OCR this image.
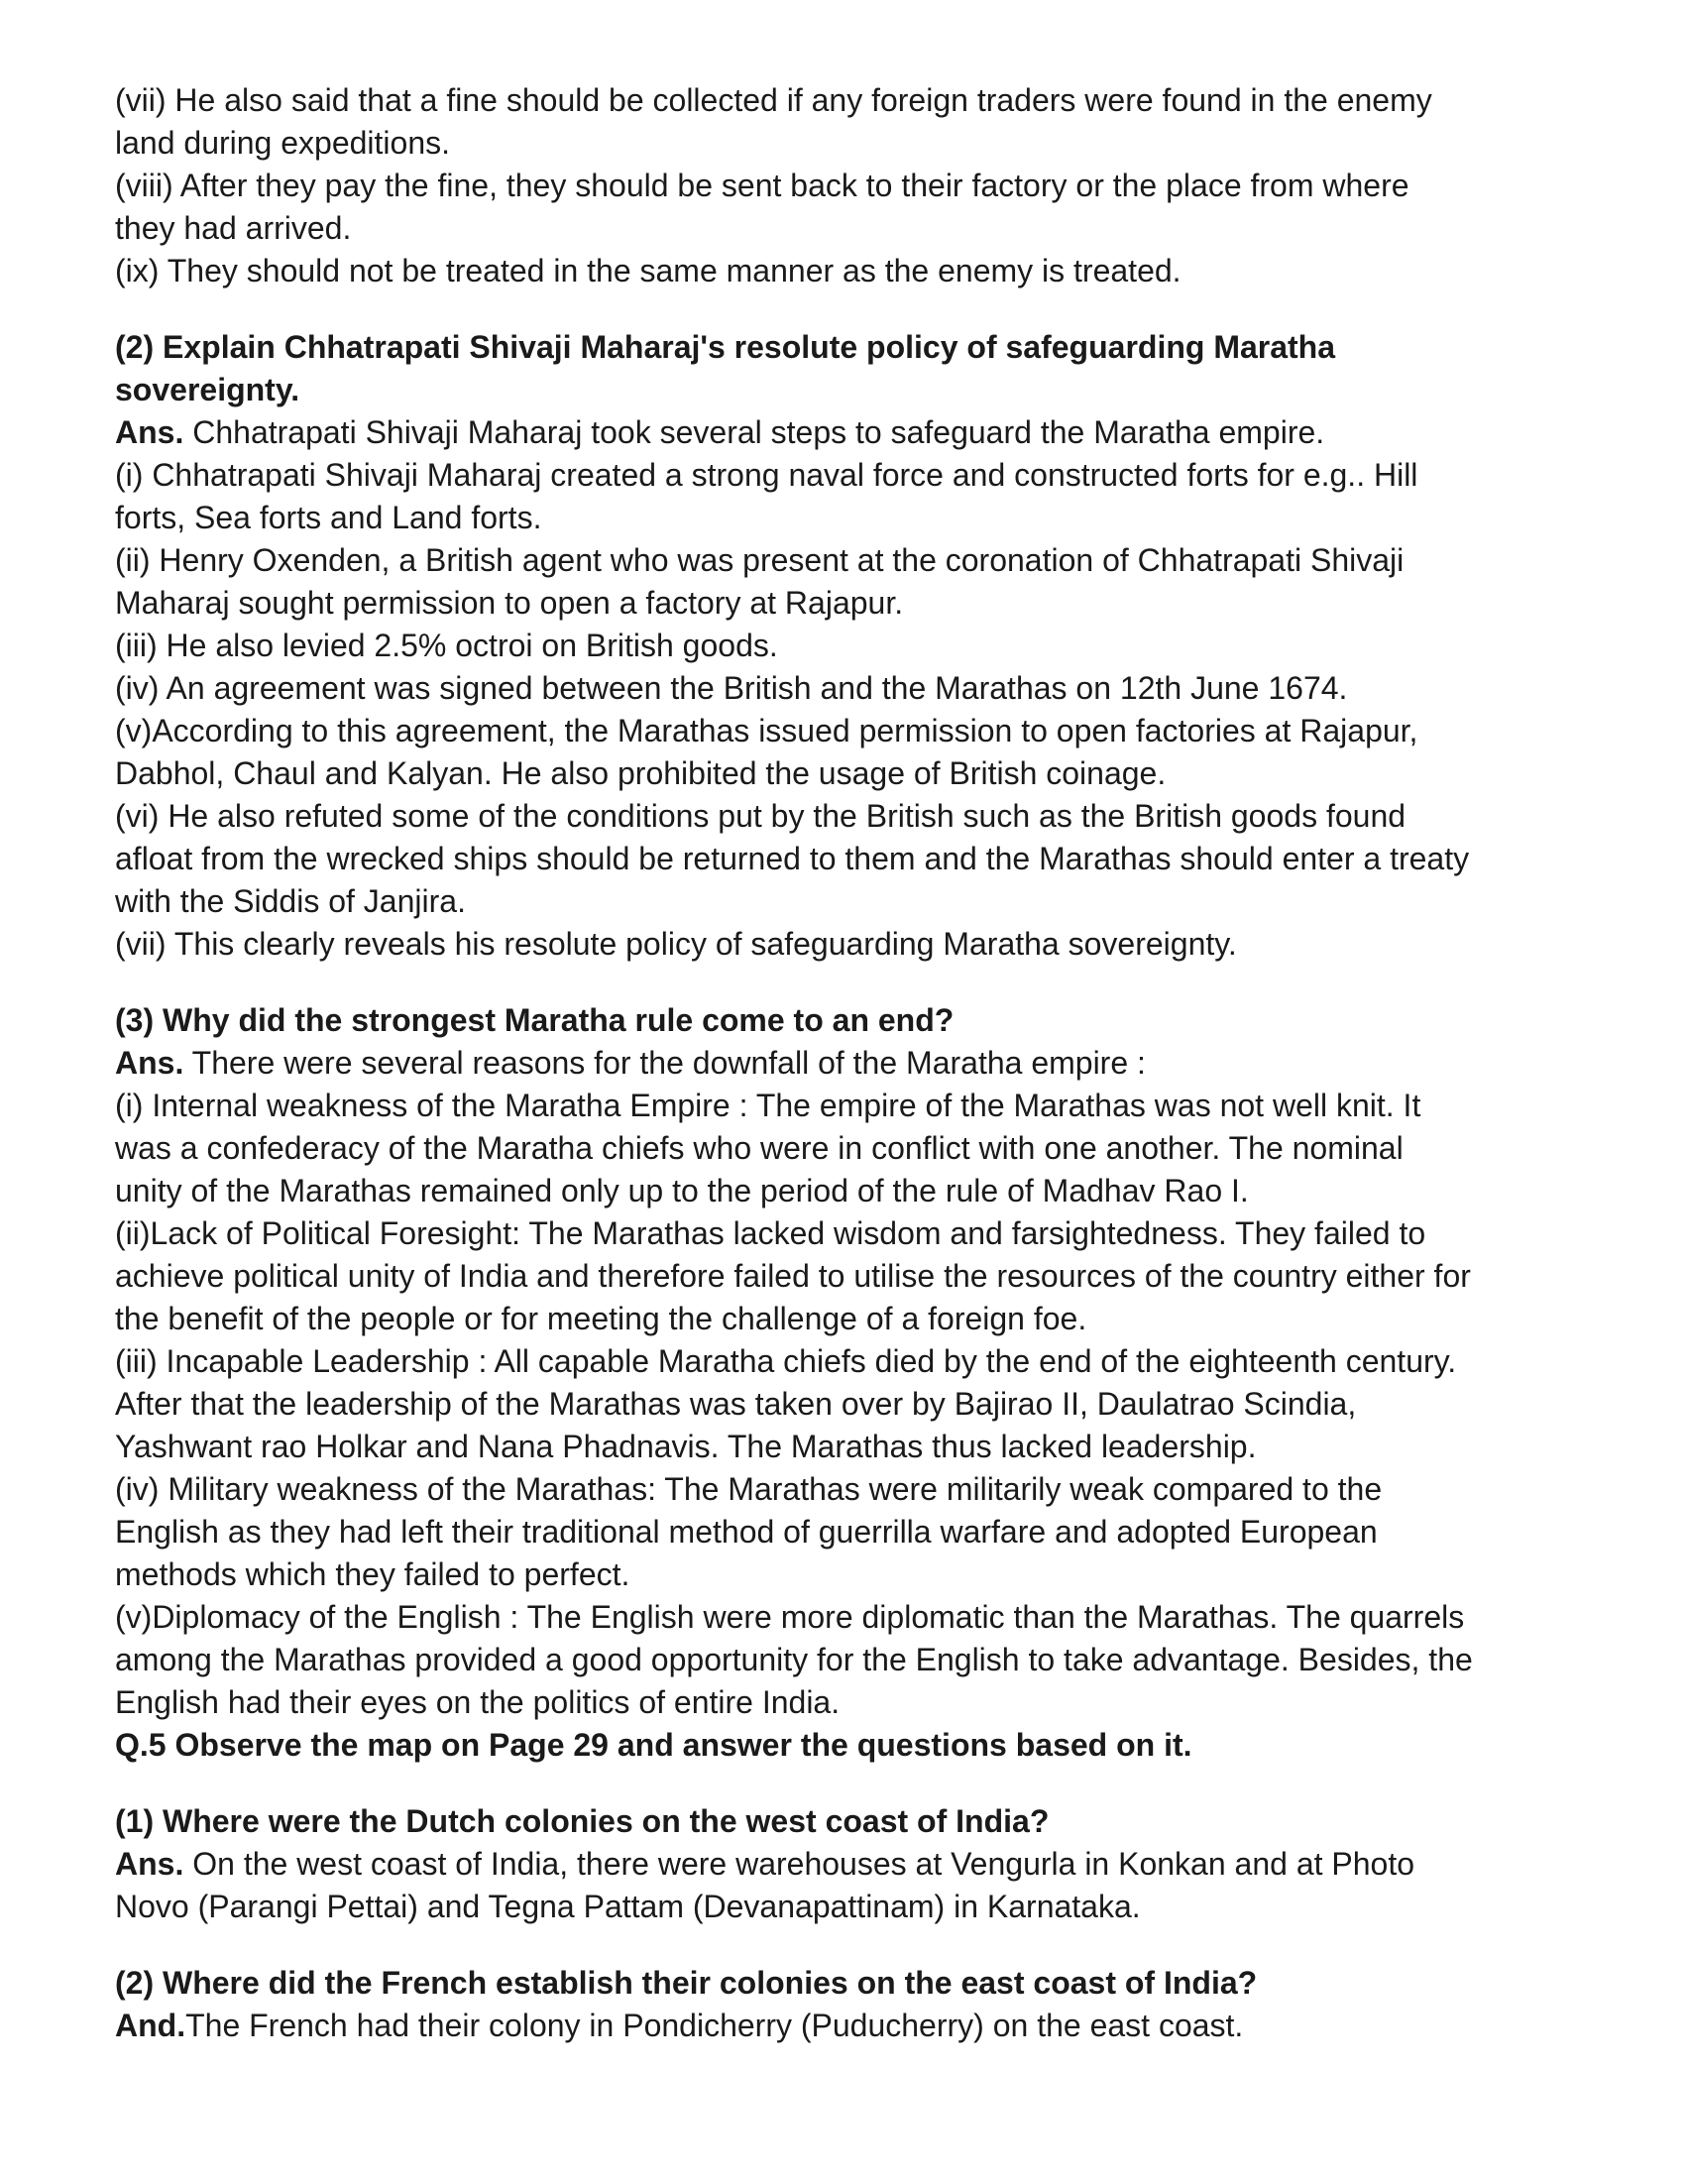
(vii) He also said that a fine should be collected if any foreign traders were found in the enemy
land during expeditions.
(viii) After they pay the fine, they should be sent back to their factory or the place from where
they had arrived.
(ix) They should not be treated in the same manner as the enemy is treated.
(2) Explain Chhatrapati Shivaji Maharaj's resolute policy of safeguarding Maratha
sovereignty.
Ans. Chhatrapati Shivaji Maharaj took several steps to safeguard the Maratha empire.
(i) Chhatrapati Shivaji Maharaj created a strong naval force and constructed forts for e.g.. Hill
forts, Sea forts and Land forts.
(ii) Henry Oxenden, a British agent who was present at the coronation of Chhatrapati Shivaji
Maharaj sought permission to open a factory at Rajapur.
(iii) He also levied 2.5% octroi on British goods.
(iv) An agreement was signed between the British and the Marathas on 12th June 1674.
(v)According to this agreement, the Marathas issued permission to open factories at Rajapur,
Dabhol, Chaul and Kalyan. He also prohibited the usage of British coinage.
(vi) He also refuted some of the conditions put by the British such as the British goods found
afloat from the wrecked ships should be returned to them and the Marathas should enter a treaty
with the Siddis of Janjira.
(vii) This clearly reveals his resolute policy of safeguarding Maratha sovereignty.
(3) Why did the strongest Maratha rule come to an end?
Ans. There were several reasons for the downfall of the Maratha empire :
(i) Internal weakness of the Maratha Empire : The empire of the Marathas was not well knit. It
was a confederacy of the Maratha chiefs who were in conflict with one another. The nominal
unity of the Marathas remained only up to the period of the rule of Madhav Rao I.
(ii)Lack of Political Foresight: The Marathas lacked wisdom and farsightedness. They failed to
achieve political unity of India and therefore failed to utilise the resources of the country either for
the benefit of the people or for meeting the challenge of a foreign foe.
(iii) Incapable Leadership : All capable Maratha chiefs died by the end of the eighteenth century.
After that the leadership of the Marathas was taken over by Bajirao II, Daulatrao Scindia,
Yashwant rao Holkar and Nana Phadnavis. The Marathas thus lacked leadership.
(iv) Military weakness of the Marathas: The Marathas were militarily weak compared to the
English as they had left their traditional method of guerrilla warfare and adopted European
methods which they failed to perfect.
(v)Diplomacy of the English : The English were more diplomatic than the Marathas. The quarrels
among the Marathas provided a good opportunity for the English to take advantage. Besides, the
English had their eyes on the politics of entire India.
Q.5 Observe the map on Page 29 and answer the questions based on it.
(1) Where were the Dutch colonies on the west coast of India?
Ans. On the west coast of India, there were warehouses at Vengurla in Konkan and at Photo
Novo (Parangi Pettai) and Tegna Pattam (Devanapattinam) in Karnataka.
(2) Where did the French establish their colonies on the east coast of India?
And.The French had their colony in Pondicherry (Puducherry) on the east coast.
